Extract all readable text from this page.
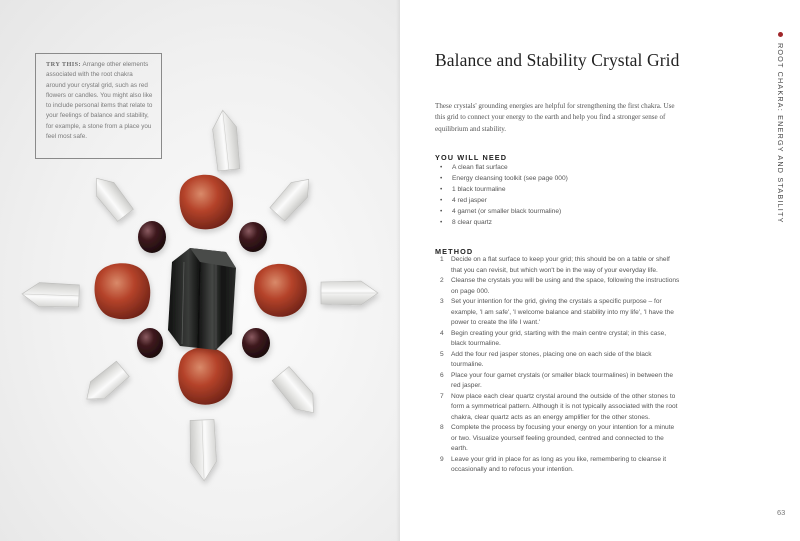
TRY THIS: Arrange other elements associated with the root chakra around your crystal grid, such as red flowers or candles. You might also like to include personal items that relate to your feelings of balance and stability, for example, a stone from a place you feel most safe.
Balance and Stability Crystal Grid
These crystals' grounding energies are helpful for strengthening the first chakra. Use this grid to connect your energy to the earth and help you find a stronger sense of equilibrium and stability.
YOU WILL NEED
• A clean flat surface
• Energy cleansing toolkit (see page 000)
• 1 black tourmaline
• 4 red jasper
• 4 garnet (or smaller black tourmaline)
• 8 clear quartz
METHOD
1 Decide on a flat surface to keep your grid; this should be on a table or shelf that you can revisit, but which won't be in the way of your everyday life.
2 Cleanse the crystals you will be using and the space, following the instructions on page 000.
3 Set your intention for the grid, giving the crystals a specific purpose – for example, 'I am safe', 'I welcome balance and stability into my life', 'I have the power to create the life I want.'
4 Begin creating your grid, starting with the main centre crystal; in this case, black tourmaline.
5 Add the four red jasper stones, placing one on each side of the black tourmaline.
6 Place your four garnet crystals (or smaller black tourmalines) in between the red jasper.
7 Now place each clear quartz crystal around the outside of the other stones to form a symmetrical pattern. Although it is not typically associated with the root chakra, clear quartz acts as an energy amplifier for the other stones.
8 Complete the process by focusing your energy on your intention for a minute or two. Visualize yourself feeling grounded, centred and connected to the earth.
9 Leave your grid in place for as long as you like, remembering to cleanse it occasionally and to refocus your intention.
ROOT CHAKRA: ENERGY AND STABILITY
63
